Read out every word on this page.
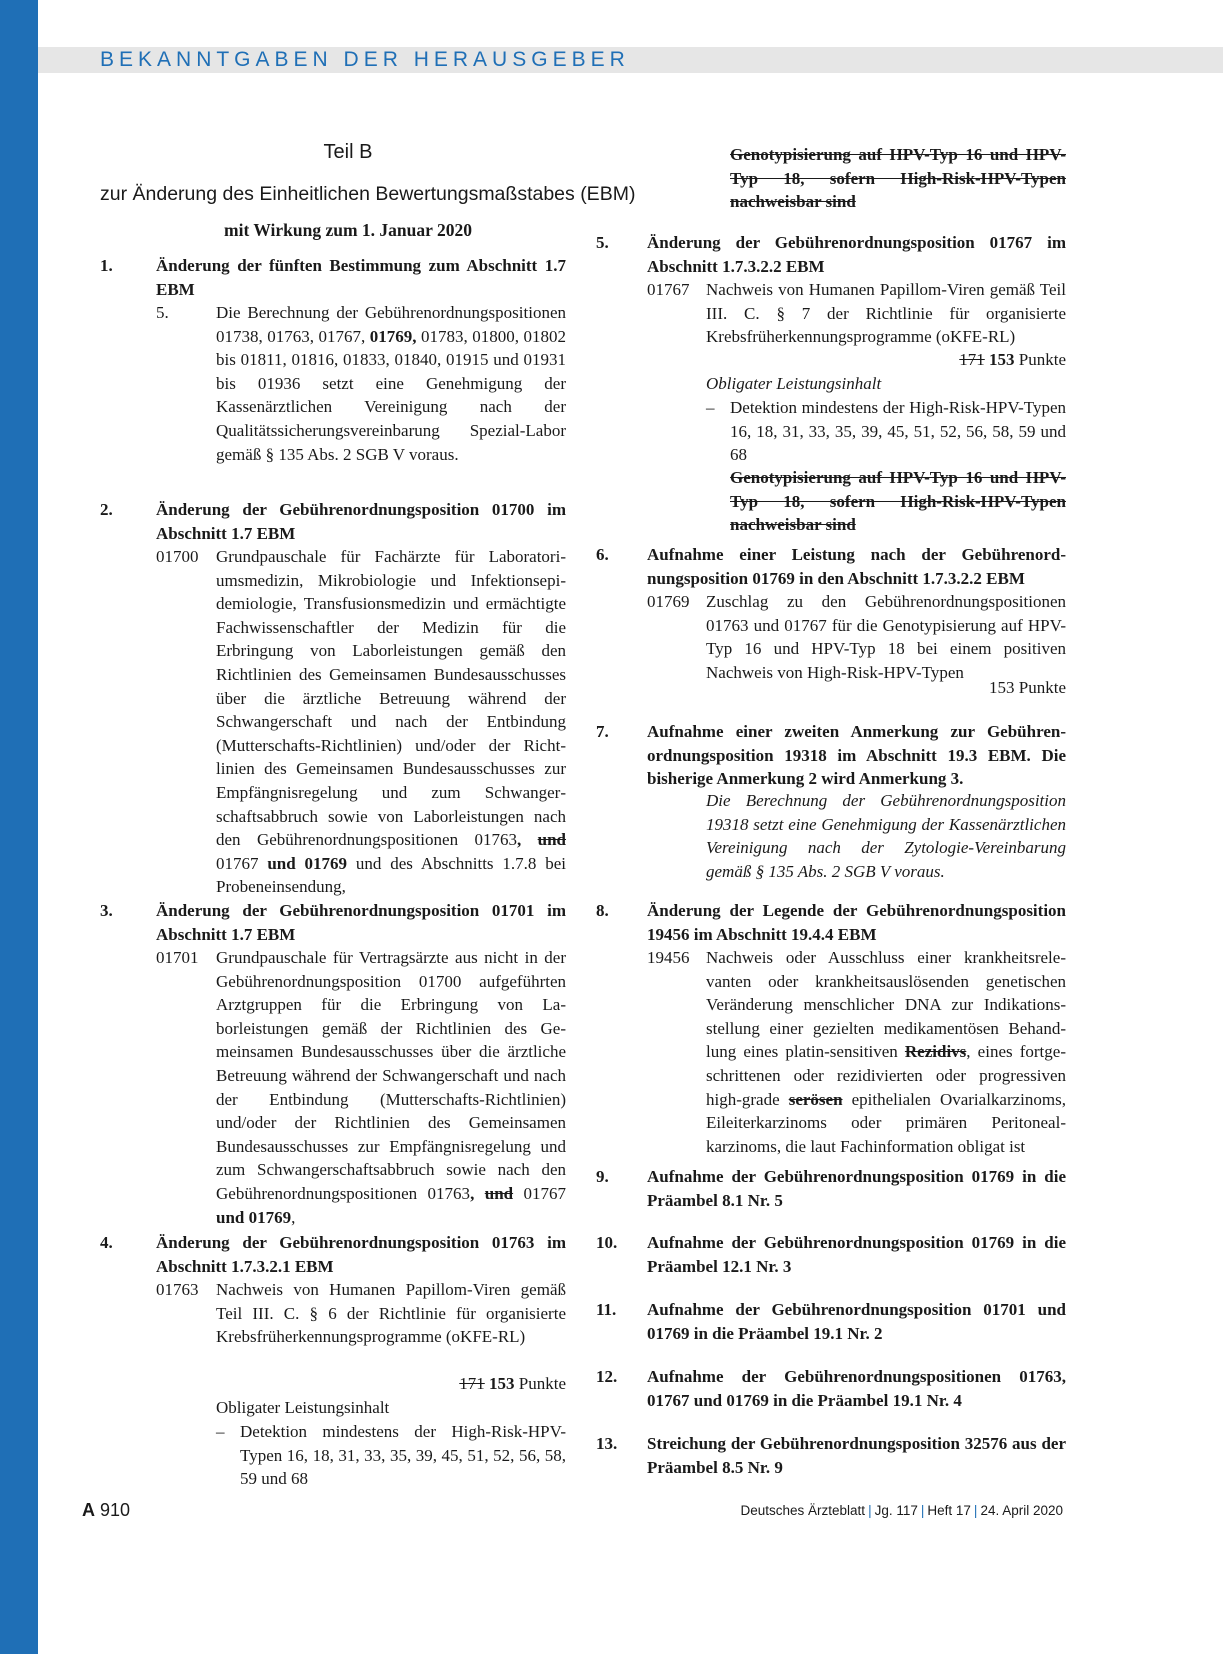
BEKANNTGABEN DER HERAUSGEBER
Teil B
zur Änderung des Einheitlichen Bewertungsmaßstabes (EBM)
mit Wirkung zum 1. Januar 2020
1.	Änderung der fünften Bestimmung zum Abschnitt 1.7 EBM
5.	Die Berechnung der Gebührenordnungspositionen 01738, 01763, 01767, 01769, 01783, 01800, 01802 bis 01811, 01816, 01833, 01840, 01915 und 01931 bis 01936 setzt eine Genehmigung der Kassenärztlichen Vereinigung nach der Qualitätssicherungsvereinbarung Spezial-Labor gemäß § 135 Abs. 2 SGB V voraus.
2.	Änderung der Gebührenordnungsposition 01700 im Abschnitt 1.7 EBM
01700 Grundpauschale für Fachärzte für Laboratoriumsmedizin, Mikrobiologie und Infektionsepidemiologie, Transfusionsmedizin und ermächtigte Fachwissenschaftler der Medizin für die Erbringung von Laborleistungen gemäß den Richtlinien des Gemeinsamen Bundesausschusses über die ärztliche Betreuung während der Schwangerschaft und nach der Entbindung (Mutterschafts-Richtlinien) und/oder der Richtlinien des Gemeinsamen Bundesausschusses zur Empfängnisregelung und zum Schwangerschaftsabbruch sowie von Laborleistungen nach den Gebührenordnungspositionen 01763, und 01767 und 01769 und des Abschnitts 1.7.8 bei Probeneinsendung,
3.	Änderung der Gebührenordnungsposition 01701 im Abschnitt 1.7 EBM
01701 Grundpauschale für Vertragsärzte aus nicht in der Gebührenordnungsposition 01700 aufgeführten Arztgruppen für die Erbringung von Laborleistungen gemäß der Richtlinien des Gemeinsamen Bundesausschusses über die ärztliche Betreuung während der Schwangerschaft und nach der Entbindung (Mutterschafts-Richtlinien) und/oder der Richtlinien des Gemeinsamen Bundesausschusses zur Empfängnisregelung und zum Schwangerschaftsabbruch sowie nach den Gebührenordnungspositionen 01763, und 01767 und 01769,
4.	Änderung der Gebührenordnungsposition 01763 im Abschnitt 1.7.3.2.1 EBM
01763 Nachweis von Humanen Papillom-Viren gemäß Teil III. C. § 6 der Richtlinie für organisierte Krebsfrüherkennungsprogramme (oKFE-RL)
171 153 Punkte
Obligater Leistungsinhalt
– Detektion mindestens der High-Risk-HPV-Typen 16, 18, 31, 33, 35, 39, 45, 51, 52, 56, 58, 59 und 68
Genotypisierung auf HPV-Typ 16 und HPV-Typ 18, sofern High-Risk-HPV-Typen nachweisbar sind
5. Änderung der Gebührenordnungsposition 01767 im Abschnitt 1.7.3.2.2 EBM
01767 Nachweis von Humanen Papillom-Viren gemäß Teil III. C. § 7 der Richtlinie für organisierte Krebsfrüherkennungsprogramme (oKFE-RL)
171 153 Punkte
Obligater Leistungsinhalt
– Detektion mindestens der High-Risk-HPV-Typen 16, 18, 31, 33, 35, 39, 45, 51, 52, 56, 58, 59 und 68
Genotypisierung auf HPV-Typ 16 und HPV-Typ 18, sofern High-Risk-HPV-Typen nachweisbar sind
6. Aufnahme einer Leistung nach der Gebührenordnungsposition 01769 in den Abschnitt 1.7.3.2.2 EBM
01769 Zuschlag zu den Gebührenordnungspositionen 01763 und 01767 für die Genotypisierung auf HPV-Typ 16 und HPV-Typ 18 bei einem positiven Nachweis von High-Risk-HPV-Typen
153 Punkte
7. Aufnahme einer zweiten Anmerkung zur Gebührenordnungsposition 19318 im Abschnitt 19.3 EBM. Die bisherige Anmerkung 2 wird Anmerkung 3.
Die Berechnung der Gebührenordnungsposition 19318 setzt eine Genehmigung der Kassenärztlichen Vereinigung nach der Zytologie-Vereinbarung gemäß § 135 Abs. 2 SGB V voraus.
8. Änderung der Legende der Gebührenordnungsposition 19456 im Abschnitt 19.4.4 EBM
19456 Nachweis oder Ausschluss einer krankheitsrelevanten oder krankheitsauslösenden genetischen Veränderung menschlicher DNA zur Indikationsstellung einer gezielten medikamentösen Behandlung eines platin-sensitiven Rezidivs, eines fortgeschrittenen oder rezidivierten oder progressiven high-grade serösen epithelialen Ovarialkarzinoms, Eileiterkarzinoms oder primären Peritonealkarzinoms, die laut Fachinformation obligat ist
9. Aufnahme der Gebührenordnungsposition 01769 in die Präambel 8.1 Nr. 5
10. Aufnahme der Gebührenordnungsposition 01769 in die Präambel 12.1 Nr. 3
11. Aufnahme der Gebührenordnungsposition 01701 und 01769 in die Präambel 19.1 Nr. 2
12. Aufnahme der Gebührenordnungspositionen 01763, 01767 und 01769 in die Präambel 19.1 Nr. 4
13. Streichung der Gebührenordnungsposition 32576 aus der Präambel 8.5 Nr. 9
A 910	Deutsches Ärzteblatt | Jg. 117 | Heft 17 | 24. April 2020
